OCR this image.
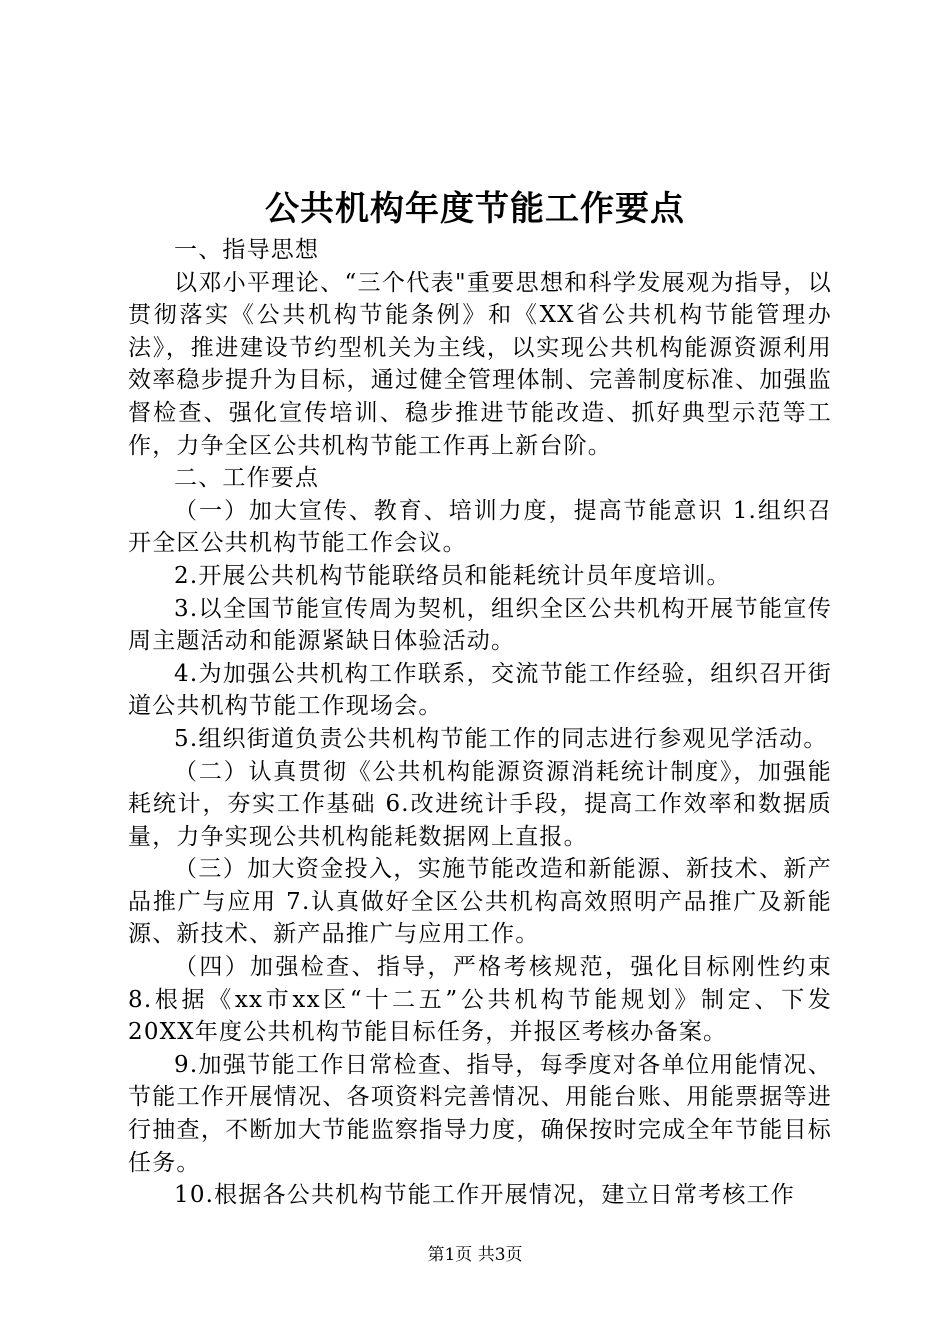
公共机构年度节能工作要点

一、指导思想

以邓小平理论、“三个代表"重要思想和科学发展观为指导，以贯彻落实《公共机构节能条例》和《XX省公共机构节能管理办法》，推进建设节约型机关为主线，以实现公共机构能源资源利用效率稳步提升为目标，通过健全管理体制、完善制度标准、加强监督检查、强化宣传培训、稳步推进节能改造、抓好典型示范等工作，力争全区公共机构节能工作再上新台阶。

二、工作要点

（一）加大宣传、教育、培训力度，提高节能意识 1.组织召开全区公共机构节能工作会议。

2.开展公共机构节能联络员和能耗统计员年度培训。

3.以全国节能宣传周为契机，组织全区公共机构开展节能宣传周主题活动和能源紧缺日体验活动。

4.为加强公共机构工作联系，交流节能工作经验，组织召开街道公共机构节能工作现场会。

5.组织街道负责公共机构节能工作的同志进行参观见学活动。

（二）认真贯彻《公共机构能源资源消耗统计制度》，加强能耗统计，夯实工作基础 6.改进统计手段，提高工作效率和数据质量，力争实现公共机构能耗数据网上直报。

（三）加大资金投入，实施节能改造和新能源、新技术、新产品推广与应用 7.认真做好全区公共机构高效照明产品推广及新能源、新技术、新产品推广与应用工作。

（四）加强检查、指导，严格考核规范，强化目标刚性约束 8.根据《xx市xx区“十二五”公共机构节能规划》制定、下发20XX年度公共机构节能目标任务，并报区考核办备案。

9.加强节能工作日常检查、指导，每季度对各单位用能情况、节能工作开展情况、各项资料完善情况、用能台账、用能票据等进行抽查，不断加大节能监察指导力度，确保按时完成全年节能目标任务。

10.根据各公共机构节能工作开展情况，建立日常考核工作

第1页 共3页
